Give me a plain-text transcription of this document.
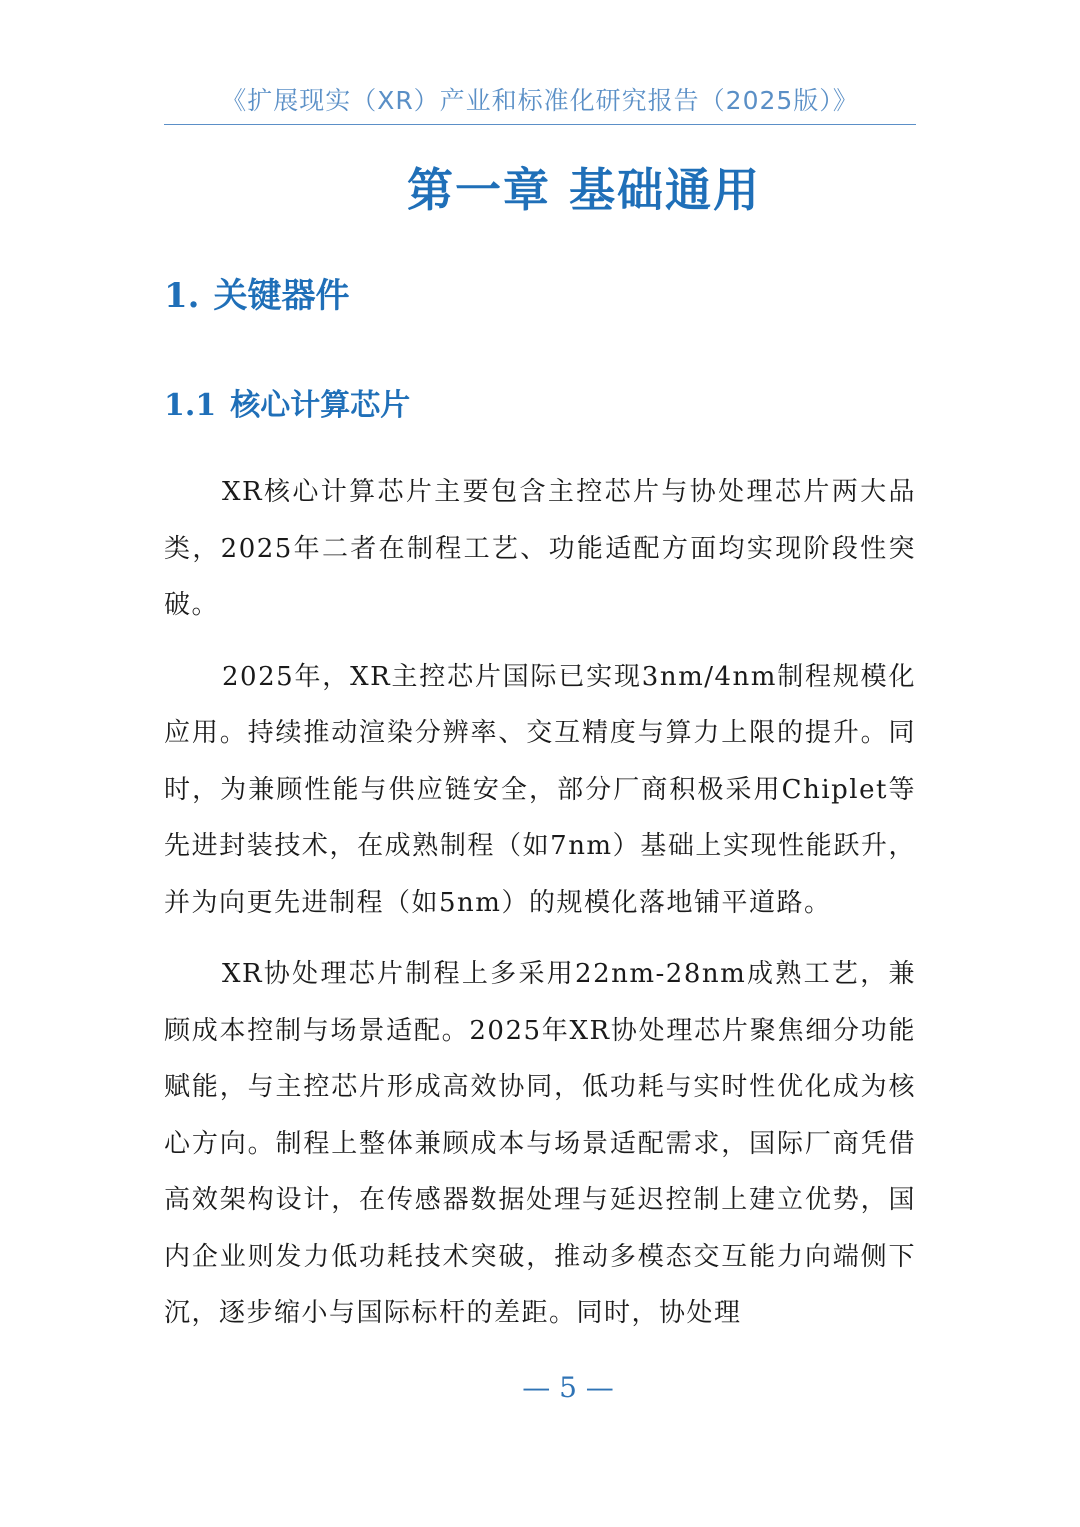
《扩展现实（XR）产业和标准化研究报告（2025版）》
第一章 基础通用
1. 关键器件
1.1 核心计算芯片

XR核心计算芯片主要包含主控芯片与协处理芯片两大品类，2025年二者在制程工艺、功能适配方面均实现阶段性突破。

2025年，XR主控芯片国际已实现3nm/4nm制程规模化应用。持续推动渲染分辨率、交互精度与算力上限的提升。同时，为兼顾性能与供应链安全，部分厂商积极采用Chiplet等先进封装技术，在成熟制程（如7nm）基础上实现性能跃升，并为向更先进制程（如5nm）的规模化落地铺平道路。

XR协处理芯片制程上多采用22nm-28nm成熟工艺，兼顾成本控制与场景适配。2025年XR协处理芯片聚焦细分功能赋能，与主控芯片形成高效协同，低功耗与实时性优化成为核心方向。制程上整体兼顾成本与场景适配需求，国际厂商凭借高效架构设计，在传感器数据处理与延迟控制上建立优势，国内企业则发力低功耗技术突破，推动多模态交互能力向端侧下沉，逐步缩小与国际标杆的差距。同时，协处理

— 5 —
